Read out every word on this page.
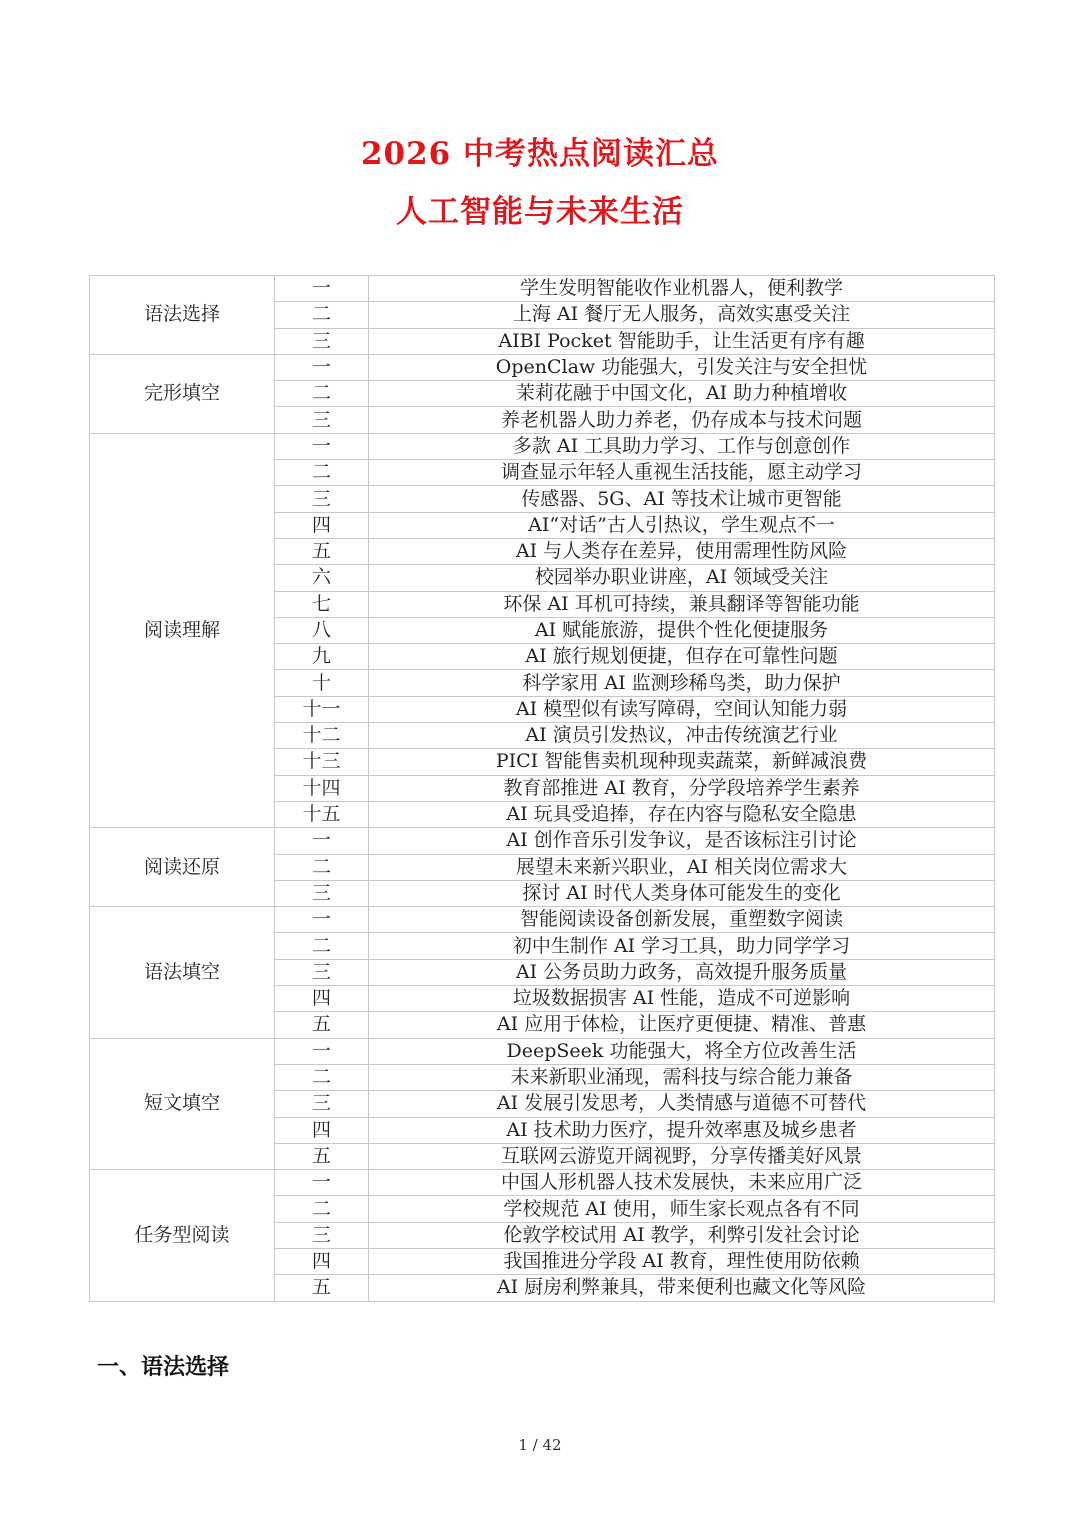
2026 中考热点阅读汇总
人工智能与未来生活
语法选择	一	学生发明智能收作业机器人，便利教学
	二	上海 AI 餐厅无人服务，高效实惠受关注
	三	AIBI Pocket 智能助手，让生活更有序有趣
完形填空	一	OpenClaw 功能强大，引发关注与安全担忧
	二	茉莉花融于中国文化，AI 助力种植增收
	三	养老机器人助力养老，仍存成本与技术问题
阅读理解	一	多款 AI 工具助力学习、工作与创意创作
	二	调查显示年轻人重视生活技能，愿主动学习
	三	传感器、5G、AI 等技术让城市更智能
	四	AI“对话”古人引热议，学生观点不一
	五	AI 与人类存在差异，使用需理性防风险
	六	校园举办职业讲座，AI 领域受关注
	七	环保 AI 耳机可持续，兼具翻译等智能功能
	八	AI 赋能旅游，提供个性化便捷服务
	九	AI 旅行规划便捷，但存在可靠性问题
	十	科学家用 AI 监测珍稀鸟类，助力保护
	十一	AI 模型似有读写障碍，空间认知能力弱
	十二	AI 演员引发热议，冲击传统演艺行业
	十三	PICI 智能售卖机现种现卖蔬菜，新鲜减浪费
	十四	教育部推进 AI 教育，分学段培养学生素养
	十五	AI 玩具受追捧，存在内容与隐私安全隐患
阅读还原	一	AI 创作音乐引发争议，是否该标注引讨论
	二	展望未来新兴职业，AI 相关岗位需求大
	三	探讨 AI 时代人类身体可能发生的变化
语法填空	一	智能阅读设备创新发展，重塑数字阅读
	二	初中生制作 AI 学习工具，助力同学学习
	三	AI 公务员助力政务，高效提升服务质量
	四	垃圾数据损害 AI 性能，造成不可逆影响
	五	AI 应用于体检，让医疗更便捷、精准、普惠
短文填空	一	DeepSeek 功能强大，将全方位改善生活
	二	未来新职业涌现，需科技与综合能力兼备
	三	AI 发展引发思考，人类情感与道德不可替代
	四	AI 技术助力医疗，提升效率惠及城乡患者
	五	互联网云游览开阔视野，分享传播美好风景
任务型阅读	一	中国人形机器人技术发展快，未来应用广泛
	二	学校规范 AI 使用，师生家长观点各有不同
	三	伦敦学校试用 AI 教学，利弊引发社会讨论
	四	我国推进分学段 AI 教育，理性使用防依赖
	五	AI 厨房利弊兼具，带来便利也藏文化等风险
一、语法选择
1 / 42
